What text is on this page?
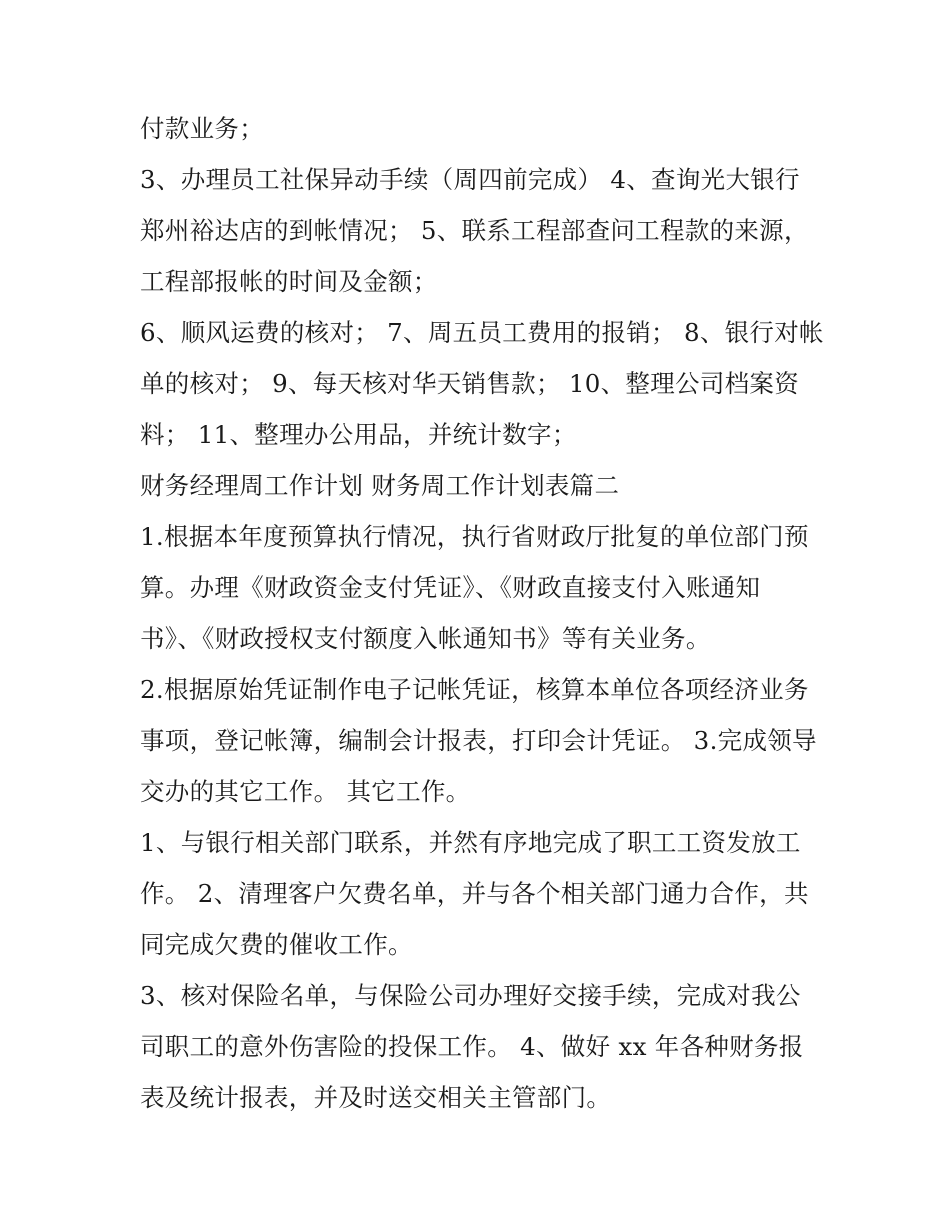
付款业务；
3、办理员工社保异动手续（周四前完成） 4、查询光大银行
郑州裕达店的到帐情况； 5、联系工程部查问工程款的来源，
工程部报帐的时间及金额；
6、顺风运费的核对； 7、周五员工费用的报销； 8、银行对帐
单的核对； 9、每天核对华天销售款； 10、整理公司档案资
料； 11、整理办公用品，并统计数字；
财务经理周工作计划 财务周工作计划表篇二
1.根据本年度预算执行情况，执行省财政厅批复的单位部门预
算。办理《财政资金支付凭证》、《财政直接支付入账通知
书》、《财政授权支付额度入帐通知书》等有关业务。
2.根据原始凭证制作电子记帐凭证，核算本单位各项经济业务
事项，登记帐簿，编制会计报表，打印会计凭证。 3.完成领导
交办的其它工作。 其它工作。
1、与银行相关部门联系，并然有序地完成了职工工资发放工
作。 2、清理客户欠费名单，并与各个相关部门通力合作，共
同完成欠费的催收工作。
3、核对保险名单，与保险公司办理好交接手续，完成对我公
司职工的意外伤害险的投保工作。 4、做好 xx 年各种财务报
表及统计报表，并及时送交相关主管部门。
